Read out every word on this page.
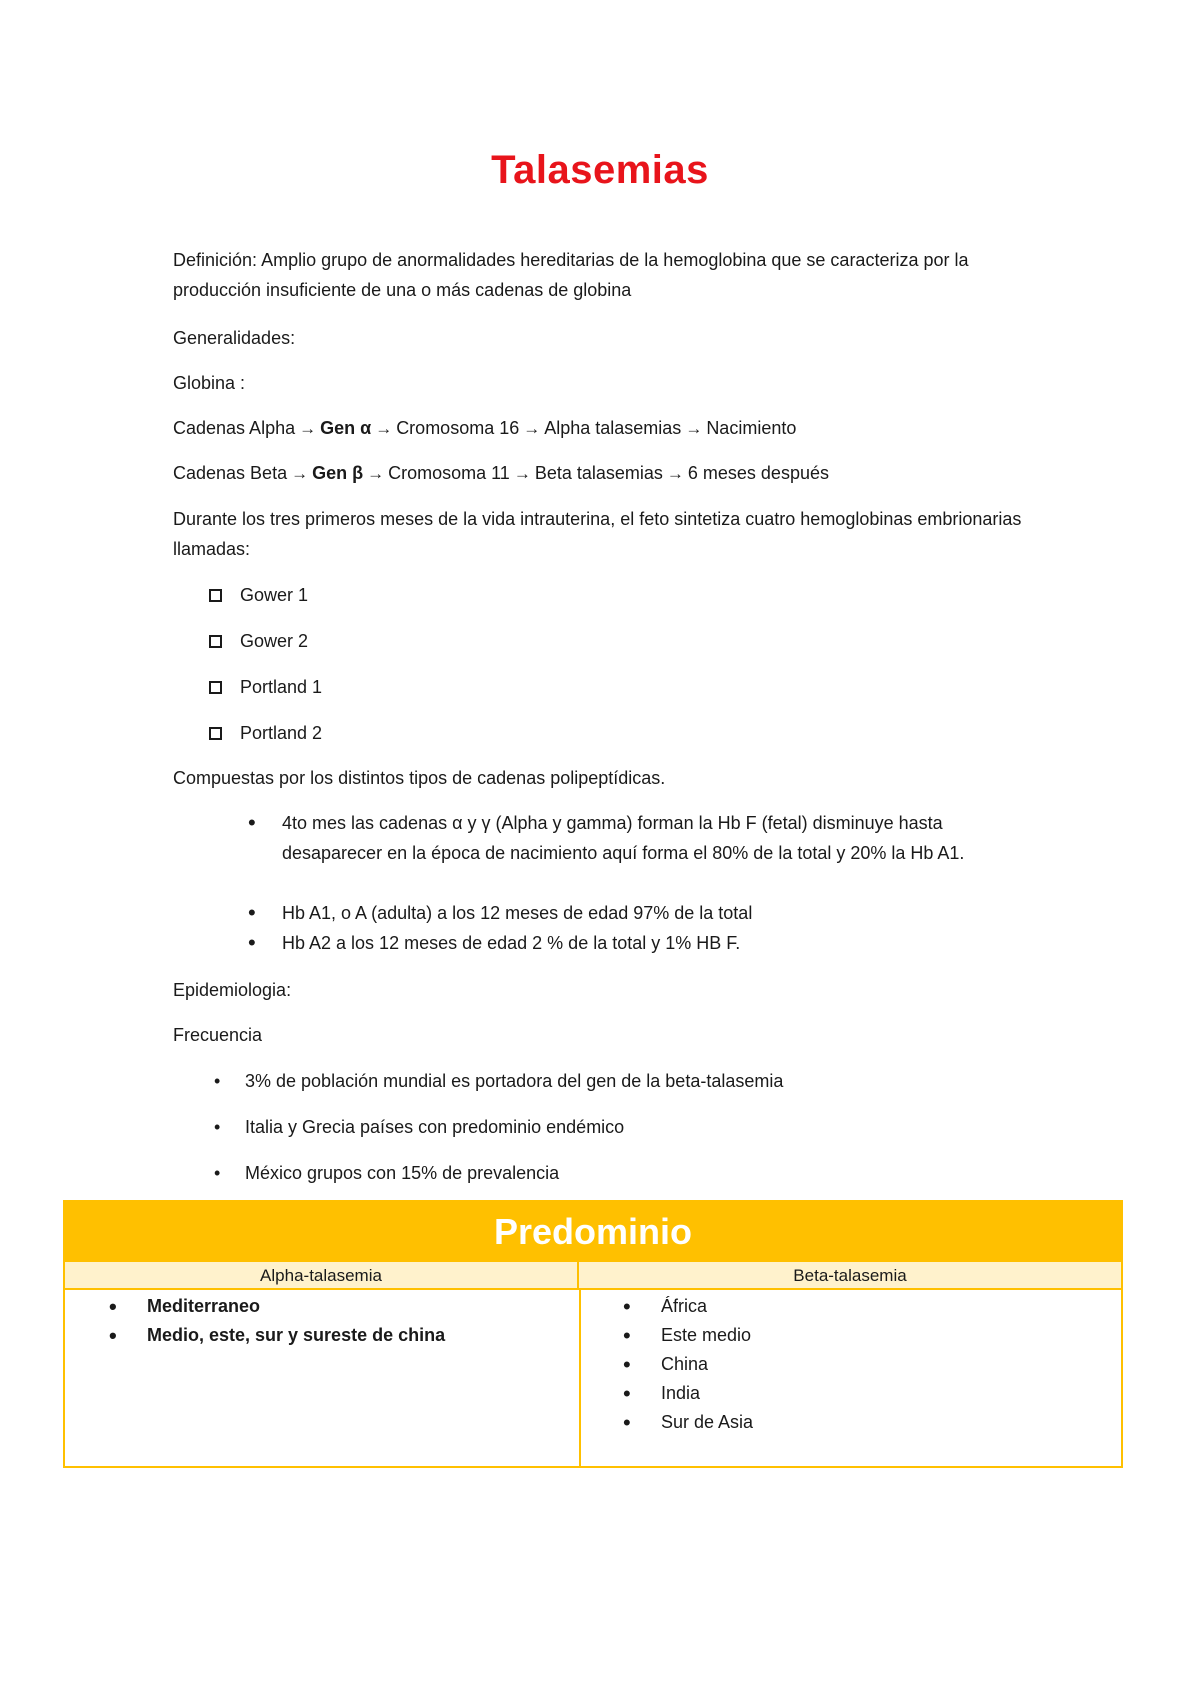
Talasemias
Definición: Amplio grupo de anormalidades hereditarias de la hemoglobina que se caracteriza por la producción insuficiente de una o más cadenas de globina
Generalidades:
Globina :
Cadenas Alpha → Gen α → Cromosoma 16 → Alpha talasemias → Nacimiento
Cadenas Beta → Gen β → Cromosoma 11 → Beta talasemias → 6 meses después
Durante los tres primeros meses de la vida intrauterina, el feto sintetiza cuatro hemoglobinas embrionarias llamadas:
Gower 1
Gower 2
Portland 1
Portland 2
Compuestas por los distintos tipos de cadenas polipeptídicas.
• 4to mes las cadenas α y γ (Alpha y gamma) forman la Hb F (fetal) disminuye hasta desaparecer en la época de nacimiento aquí forma el 80% de la total y 20% la Hb A1.
• Hb A1, o A (adulta) a los 12 meses de edad 97% de la total
• Hb A2 a los 12 meses de edad 2 % de la total y 1% HB F.
Epidemiologia:
Frecuencia
• 3% de población mundial es portadora del gen de la beta-talasemia
• Italia y Grecia países con predominio endémico
• México grupos con 15% de prevalencia
Predominio
Alpha-talasemia	Beta-talasemia
• Mediterraneo
• Medio, este, sur y sureste de china
• África
• Este medio
• China
• India
• Sur de Asia
